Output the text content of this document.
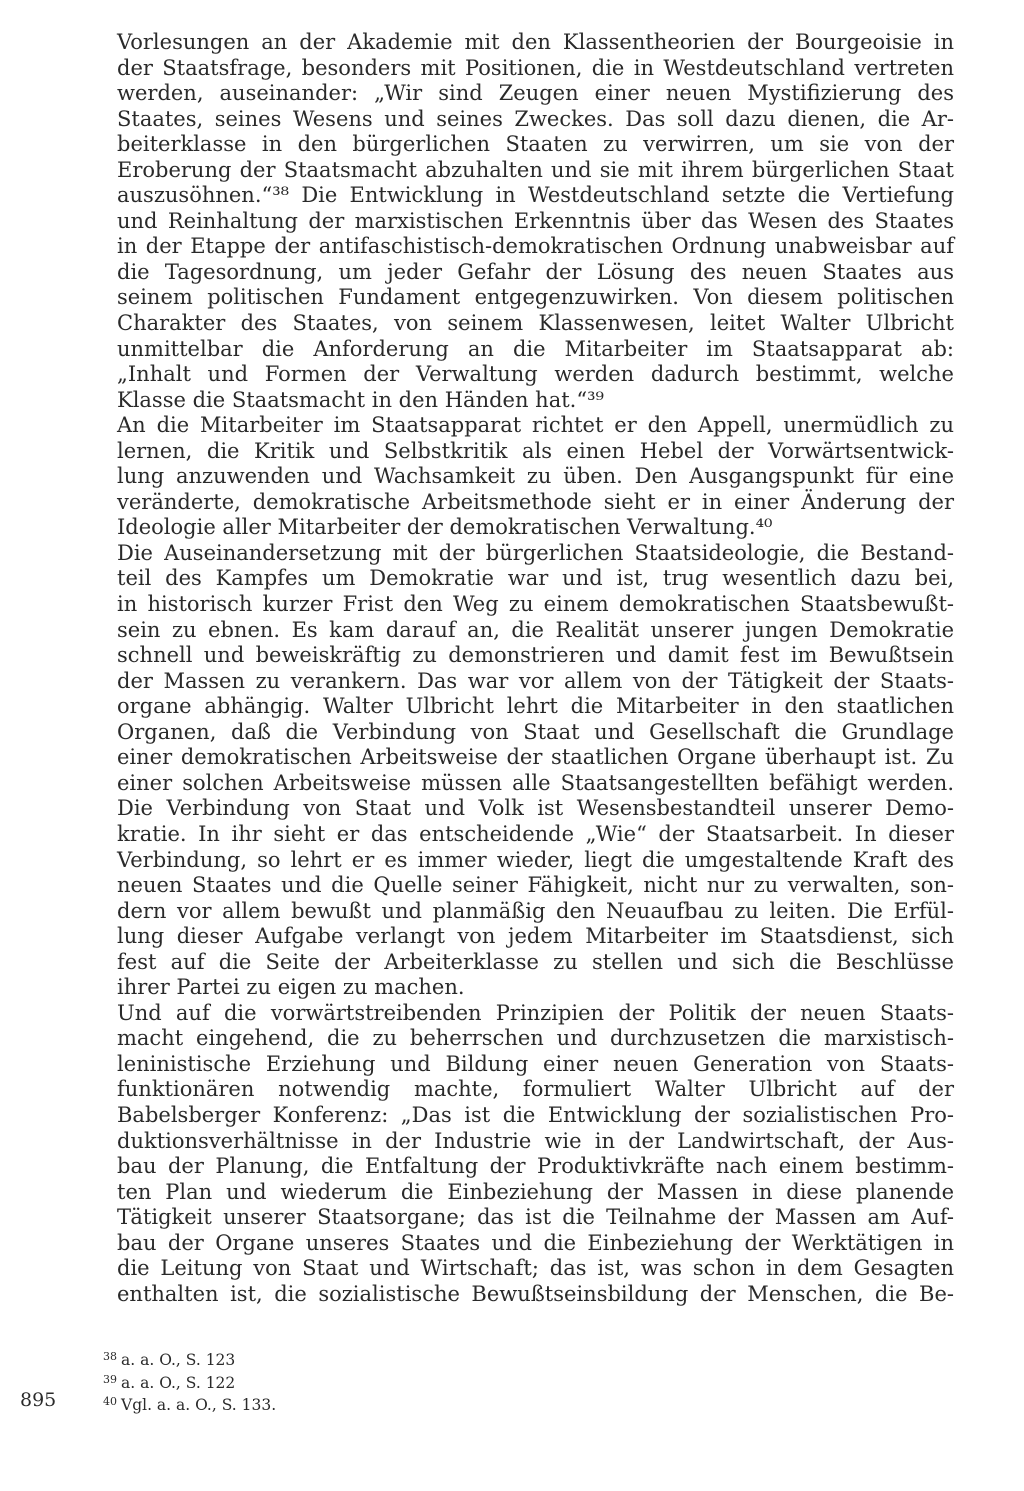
Vorlesungen an der Akademie mit den Klassentheorien der Bourgeoisie in
der Staatsfrage, besonders mit Positionen, die in Westdeutschland vertreten
werden, auseinander: „Wir sind Zeugen einer neuen Mystifizierung des
Staates, seines Wesens und seines Zweckes. Das soll dazu dienen, die Ar-
beiterklasse in den bürgerlichen Staaten zu verwirren, um sie von der
Eroberung der Staatsmacht abzuhalten und sie mit ihrem bürgerlichen Staat
auszusöhnen.“³⁸ Die Entwicklung in Westdeutschland setzte die Vertiefung
und Reinhaltung der marxistischen Erkenntnis über das Wesen des Staates
in der Etappe der antifaschistisch-demokratischen Ordnung unabweisbar auf
die Tagesordnung, um jeder Gefahr der Lösung des neuen Staates aus
seinem politischen Fundament entgegenzuwirken. Von diesem politischen
Charakter des Staates, von seinem Klassenwesen, leitet Walter Ulbricht
unmittelbar die Anforderung an die Mitarbeiter im Staatsapparat ab:
„Inhalt und Formen der Verwaltung werden dadurch bestimmt, welche
Klasse die Staatsmacht in den Händen hat.“³⁹
An die Mitarbeiter im Staatsapparat richtet er den Appell, unermüdlich zu
lernen, die Kritik und Selbstkritik als einen Hebel der Vorwärtsentwick-
lung anzuwenden und Wachsamkeit zu üben. Den Ausgangspunkt für eine
veränderte, demokratische Arbeitsmethode sieht er in einer Änderung der
Ideologie aller Mitarbeiter der demokratischen Verwaltung.⁴⁰
Die Auseinandersetzung mit der bürgerlichen Staatsideologie, die Bestand-
teil des Kampfes um Demokratie war und ist, trug wesentlich dazu bei,
in historisch kurzer Frist den Weg zu einem demokratischen Staatsbewußt-
sein zu ebnen. Es kam darauf an, die Realität unserer jungen Demokratie
schnell und beweiskräftig zu demonstrieren und damit fest im Bewußtsein
der Massen zu verankern. Das war vor allem von der Tätigkeit der Staats-
organe abhängig. Walter Ulbricht lehrt die Mitarbeiter in den staatlichen
Organen, daß die Verbindung von Staat und Gesellschaft die Grundlage
einer demokratischen Arbeitsweise der staatlichen Organe überhaupt ist. Zu
einer solchen Arbeitsweise müssen alle Staatsangestellten befähigt werden.
Die Verbindung von Staat und Volk ist Wesensbestandteil unserer Demo-
kratie. In ihr sieht er das entscheidende „Wie“ der Staatsarbeit. In dieser
Verbindung, so lehrt er es immer wieder, liegt die umgestaltende Kraft des
neuen Staates und die Quelle seiner Fähigkeit, nicht nur zu verwalten, son-
dern vor allem bewußt und planmäßig den Neuaufbau zu leiten. Die Erfül-
lung dieser Aufgabe verlangt von jedem Mitarbeiter im Staatsdienst, sich
fest auf die Seite der Arbeiterklasse zu stellen und sich die Beschlüsse
ihrer Partei zu eigen zu machen.
Und auf die vorwärtstreibenden Prinzipien der Politik der neuen Staats-
macht eingehend, die zu beherrschen und durchzusetzen die marxistisch-
leninistische Erziehung und Bildung einer neuen Generation von Staats-
funktionären notwendig machte, formuliert Walter Ulbricht auf der
Babelsberger Konferenz: „Das ist die Entwicklung der sozialistischen Pro-
duktionsverhältnisse in der Industrie wie in der Landwirtschaft, der Aus-
bau der Planung, die Entfaltung der Produktivkräfte nach einem bestimm-
ten Plan und wiederum die Einbeziehung der Massen in diese planende
Tätigkeit unserer Staatsorgane; das ist die Teilnahme der Massen am Auf-
bau der Organe unseres Staates und die Einbeziehung der Werktätigen in
die Leitung von Staat und Wirtschaft; das ist, was schon in dem Gesagten
enthalten ist, die sozialistische Bewußtseinsbildung der Menschen, die Be-
$^{38}$ a. a. O., S. 123
$^{39}$ a. a. O., S. 122
$^{40}$ Vgl. a. a. O., S. 133.
895
